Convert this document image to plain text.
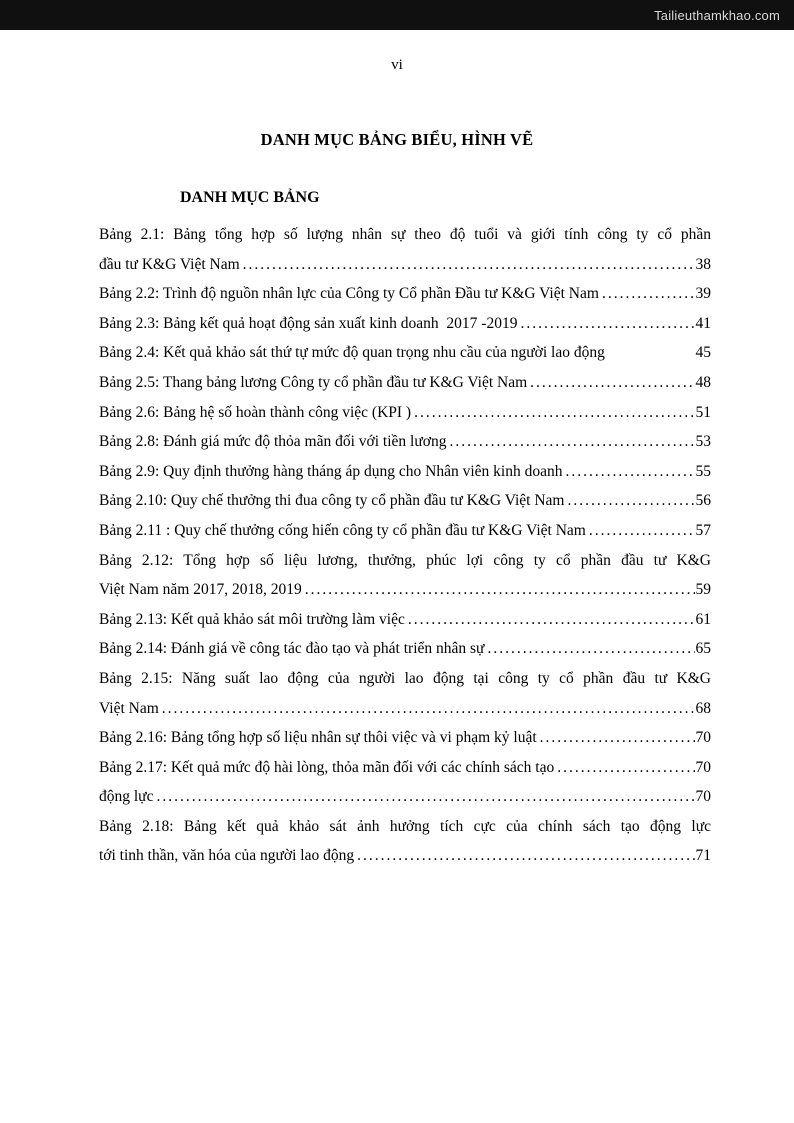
Tailieuthamkhao.com
vi
DANH MỤC BẢNG BIỂU, HÌNH VẼ
DANH MỤC BẢNG
Bảng 2.1: Bảng tổng hợp số lượng nhân sự theo độ tuổi và giới tính công ty cổ phần
đầu tư K&G Việt Nam .....	38
Bảng 2.2: Trình độ nguồn nhân lực của Công ty Cổ phần Đầu tư K&G Việt Nam .....	39
Bảng 2.3: Bảng kết quả hoạt động sản xuất kinh doanh  2017 -2019 .....	41
Bảng 2.4: Kết quả khảo sát thứ tự mức độ quan trọng nhu cầu của người lao động	45
Bảng 2.5: Thang bảng lương Công ty cổ phần đầu tư K&G Việt Nam .....	48
Bảng 2.6: Bảng hệ số hoàn thành công việc (KPI ) .....	51
Bảng 2.8: Đánh giá mức độ thỏa mãn đối với tiền lương .....	53
Bảng 2.9: Quy định thưởng hàng tháng áp dụng cho Nhân viên kinh doanh .....	55
Bảng 2.10: Quy chế thưởng thi đua công ty cổ phần đầu tư K&G Việt Nam .....	56
Bảng 2.11 : Quy chế thưởng cống hiến công ty cổ phần đầu tư K&G Việt Nam .....	57
Bảng 2.12: Tổng hợp số liệu lương, thưởng, phúc lợi công ty cổ phần đầu tư K&G
Việt Nam năm 2017, 2018, 2019 .....	59
Bảng 2.13: Kết quả khảo sát môi trường làm việc .....	61
Bảng 2.14: Đánh giá về công tác đào tạo và phát triển nhân sự .....	65
Bảng 2.15: Năng suất lao động của người lao động tại công ty cổ phần đầu tư K&G
Việt Nam .....	68
Bảng 2.16: Bảng tổng hợp số liệu nhân sự thôi việc và vi phạm kỷ luật .....	70
Bảng 2.17: Kết quả mức độ hài lòng, thỏa mãn đối với các chính sách tạo .....	70
động lực .....	70
Bảng 2.18: Bảng kết quả khảo sát ảnh hưởng tích cực của chính sách tạo động lực
tới tinh thần, văn hóa của người lao động .....	71
